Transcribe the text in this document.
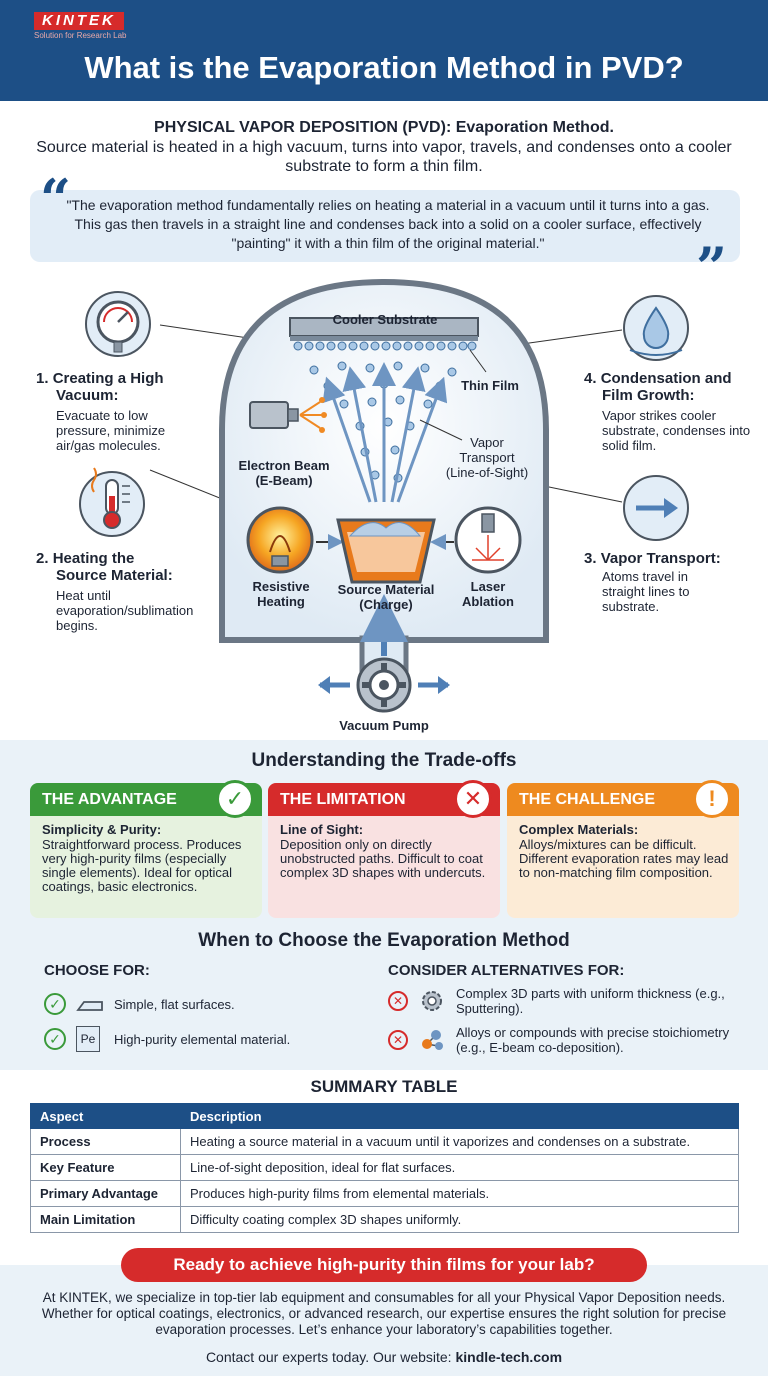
KINTEK
Solution for Research Lab
What is the Evaporation Method in PVD?
PHYSICAL VAPOR DEPOSITION (PVD): Evaporation Method.
Source material is heated in a high vacuum, turns into vapor, travels, and condenses onto a cooler substrate to form a thin film.
“
"The evaporation method fundamentally relies on heating a material in a vacuum until it turns into a gas. This gas then travels in a straight line and condenses back into a solid on a cooler surface, effectively "painting" it with a thin film of the original material."	”
Cooler Substrate
Thin Film
Electron Beam
(E-Beam)
Vapor
Transport
(Line-of-Sight)
Resistive
Heating
Source Material
(Charge)
Laser
Ablation
Vacuum Pump
1. Creating a High
Vacuum:
Evacuate to low pressure, minimize air/gas molecules.
2. Heating the
Source Material:
Heat until evaporation/sublimation begins.
4. Condensation and
Film Growth:
Vapor strikes cooler substrate, condenses into solid film.
3. Vapor Transport:
Atoms travel in straight lines to substrate.
Understanding the Trade-offs
THE ADVANTAGE	✓
Simplicity & Purity:
Straightforward process. Produces very high-purity films (especially single elements). Ideal for optical coatings, basic electronics.
THE LIMITATION	✕
Line of Sight:
Deposition only on directly unobstructed paths. Difficult to coat complex 3D shapes with undercuts.
THE CHALLENGE	!
Complex Materials:
Alloys/mixtures can be difficult. Different evaporation rates may lead to non-matching film composition.
When to Choose the Evaporation Method
CHOOSE FOR:	CONSIDER ALTERNATIVES FOR:
✓	Simple, flat surfaces.
✓	Pe	High-purity elemental material.
✕	Complex 3D parts with uniform thickness (e.g., Sputtering).
✕	Alloys or compounds with precise stoichiometry (e.g., E-beam co-deposition).
SUMMARY TABLE
Aspect	Description
Process	Heating a source material in a vacuum until it vaporizes and condenses on a substrate.
Key Feature	Line-of-sight deposition, ideal for flat surfaces.
Primary Advantage	Produces high-purity films from elemental materials.
Main Limitation	Difficulty coating complex 3D shapes uniformly.
Ready to achieve high-purity thin films for your lab?
At KINTEK, we specialize in top-tier lab equipment and consumables for all your Physical Vapor Deposition needs. Whether for optical coatings, electronics, or advanced research, our expertise ensures the right solution for precise evaporation processes. Let’s enhance your laboratory’s capabilities together.
Contact our experts today. Our website: kindle-tech.com
